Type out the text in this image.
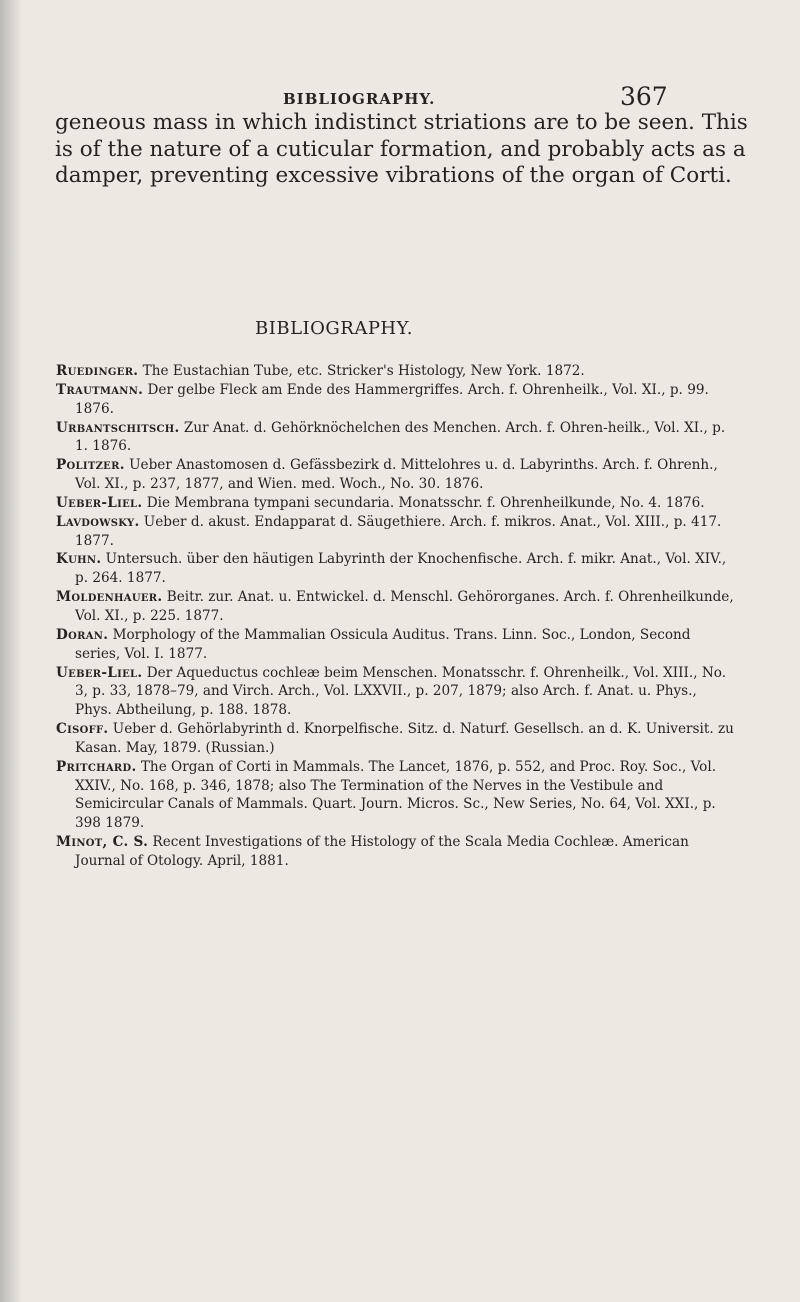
BIBLIOGRAPHY.	367

geneous mass in which indistinct striations are to be seen. This is of the nature of a cuticular formation, and probably acts as a damper, preventing excessive vibrations of the organ of Corti.

BIBLIOGRAPHY.
Ruedinger. The Eustachian Tube, etc. Stricker's Histology, New York. 1872.
Trautmann. Der gelbe Fleck am Ende des Hammergriffes. Arch. f. Ohrenheilk., Vol. XI., p. 99. 1876.
Urbantschitsch. Zur Anat. d. Gehörknöchelchen des Menchen. Arch. f. Ohren-heilk., Vol. XI., p. 1. 1876.
Politzer. Ueber Anastomosen d. Gefässbezirk d. Mittelohres u. d. Labyrinths. Arch. f. Ohrenh., Vol. XI., p. 237, 1877, and Wien. med. Woch., No. 30. 1876.
Ueber-Liel. Die Membrana tympani secundaria. Monatsschr. f. Ohrenheilkunde, No. 4. 1876.
Lavdowsky. Ueber d. akust. Endapparat d. Säugethiere. Arch. f. mikros. Anat., Vol. XIII., p. 417. 1877.
Kuhn. Untersuch. über den häutigen Labyrinth der Knochenfische. Arch. f. mikr. Anat., Vol. XIV., p. 264. 1877.
Moldenhauer. Beitr. zur. Anat. u. Entwickel. d. Menschl. Gehörorganes. Arch. f. Ohrenheilkunde, Vol. XI., p. 225. 1877.
Doran. Morphology of the Mammalian Ossicula Auditus. Trans. Linn. Soc., London, Second series, Vol. I. 1877.
Ueber-Liel. Der Aqueductus cochleæ beim Menschen. Monatsschr. f. Ohrenheilk., Vol. XIII., No. 3, p. 33, 1878–79, and Virch. Arch., Vol. LXXVII., p. 207, 1879; also Arch. f. Anat. u. Phys., Phys. Abtheilung, p. 188. 1878.
Cisoff. Ueber d. Gehörlabyrinth d. Knorpelfische. Sitz. d. Naturf. Gesellsch. an d. K. Universit. zu Kasan. May, 1879. (Russian.)
Pritchard. The Organ of Corti in Mammals. The Lancet, 1876, p. 552, and Proc. Roy. Soc., Vol. XXIV., No. 168, p. 346, 1878; also The Termination of the Nerves in the Vestibule and Semicircular Canals of Mammals. Quart. Journ. Micros. Sc., New Series, No. 64, Vol. XXI., p. 398 1879.
Minot, C. S. Recent Investigations of the Histology of the Scala Media Cochleæ. American Journal of Otology. April, 1881.
